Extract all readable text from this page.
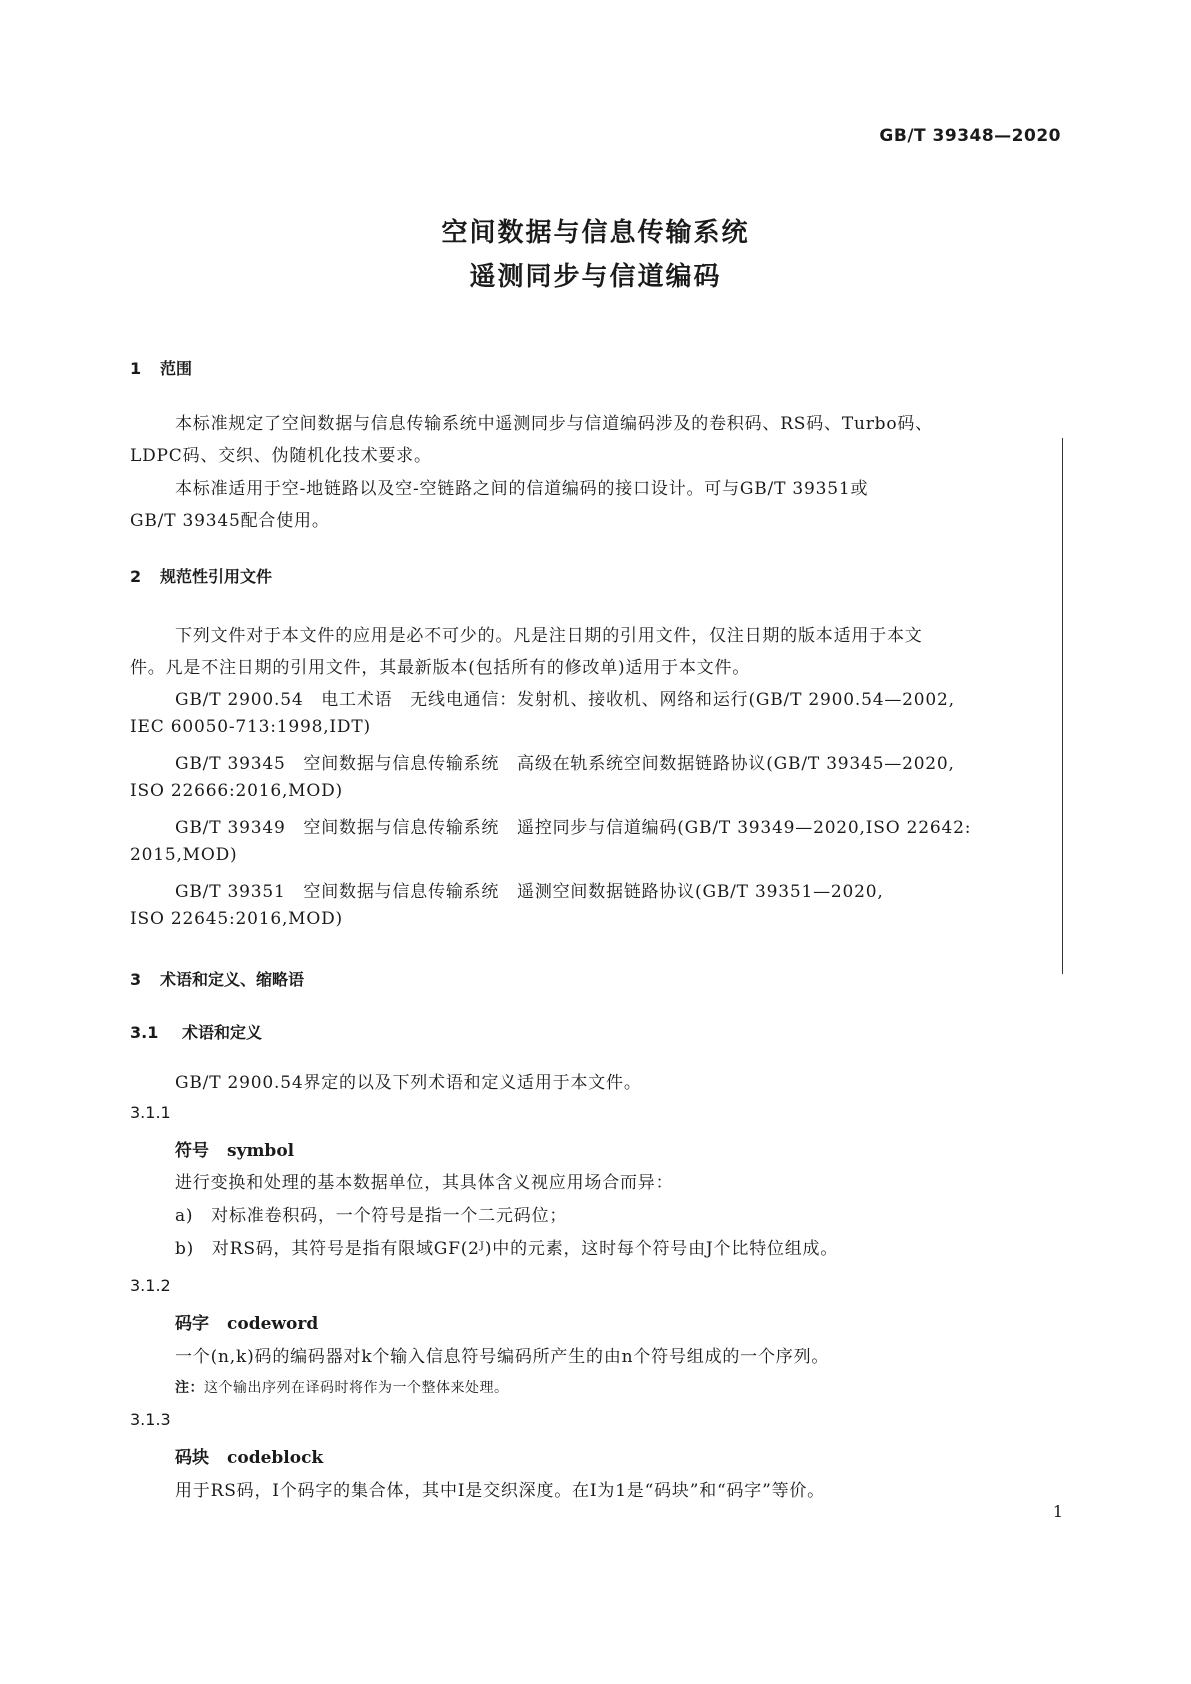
GB/T 39348—2020
空间数据与信息传输系统
遥测同步与信道编码
1 范围
本标准规定了空间数据与信息传输系统中遥测同步与信道编码涉及的卷积码、RS码、Turbo码、
LDPC码、交织、伪随机化技术要求。
本标准适用于空-地链路以及空-空链路之间的信道编码的接口设计。可与GB/T 39351或
GB/T 39345配合使用。
2 规范性引用文件
下列文件对于本文件的应用是必不可少的。凡是注日期的引用文件，仅注日期的版本适用于本文
件。凡是不注日期的引用文件，其最新版本(包括所有的修改单)适用于本文件。
GB/T 2900.54　电工术语　无线电通信：发射机、接收机、网络和运行(GB/T 2900.54—2002,
IEC 60050-713:1998,IDT)
GB/T 39345　空间数据与信息传输系统　高级在轨系统空间数据链路协议(GB/T 39345—2020,
ISO 22666:2016,MOD)
GB/T 39349　空间数据与信息传输系统　遥控同步与信道编码(GB/T 39349—2020,ISO 22642:
2015,MOD)
GB/T 39351　空间数据与信息传输系统　遥测空间数据链路协议(GB/T 39351—2020,
ISO 22645:2016,MOD)
3 术语和定义、缩略语
3.1 术语和定义
GB/T 2900.54界定的以及下列术语和定义适用于本文件。
3.1.1
符号 symbol
进行变换和处理的基本数据单位，其具体含义视应用场合而异：
a)　对标准卷积码，一个符号是指一个二元码位；
b)　对RS码，其符号是指有限域GF(2ᴶ)中的元素，这时每个符号由J个比特位组成。
3.1.2
码字 codeword
一个(n,k)码的编码器对k个输入信息符号编码所产生的由n个符号组成的一个序列。
注：这个输出序列在译码时将作为一个整体来处理。
3.1.3
码块 codeblock
用于RS码，I个码字的集合体，其中I是交织深度。在I为1是“码块”和“码字”等价。
1
